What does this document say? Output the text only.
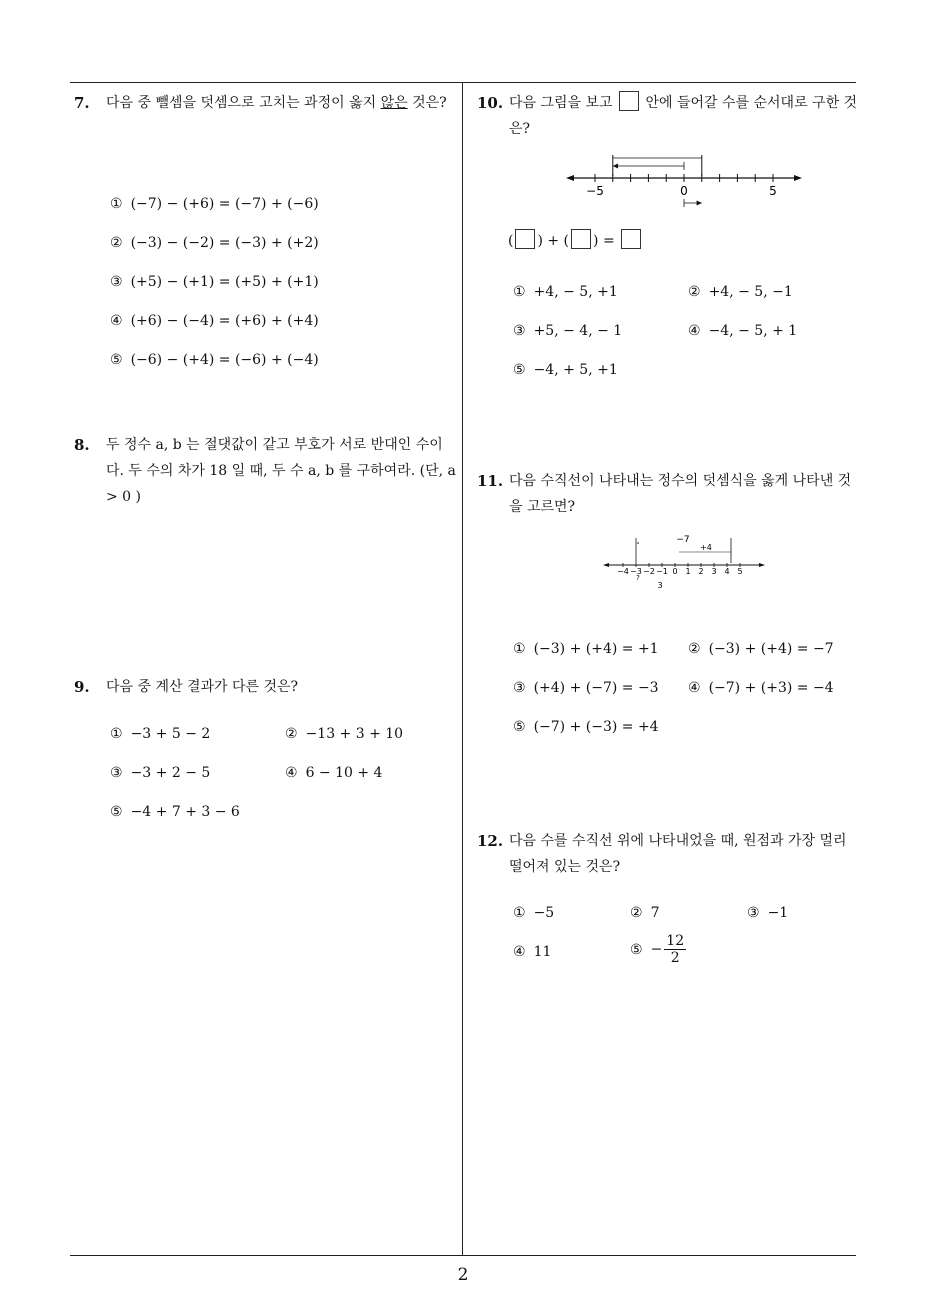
7.	다음 중 뺄셈을 덧셈으로 고치는 과정이 옳지 않은 것은?
① (−7) − (+6) = (−7) + (−6)
② (−3) − (−2) = (−3) + (+2)
③ (+5) − (+1) = (+5) + (+1)
④ (+6) − (−4) = (+6) + (+4)
⑤ (−6) − (+4) = (−6) + (−4)
8.	두 정수 a, b 는 절댓값이 같고 부호가 서로 반대인 수이다. 두 수의 차가 18 일 때, 두 수 a, b 를 구하여라. (단, a > 0 )
9.	다음 중 계산 결과가 다른 것은?
① −3 + 5 − 2	② −13 + 3 + 10
③ −3 + 2 − 5	④ 6 − 10 + 4
⑤ −4 + 7 + 3 − 6
10. 다음 그림을 보고  안에 들어갈 수를 순서대로 구한 것은?
−5	0	5
( ) + ( ) =
① +4, − 5, +1	② +4, − 5, −1
③ +5, − 4, − 1	④ −4, − 5, + 1
⑤ −4, + 5, +1
11. 다음 수직선이 나타내는 정수의 덧셈식을 옳게 나타낸 것을 고르면?
−7
+4
−4 −3 −2 −1 0 1 2 3 4 5
?
3
① (−3) + (+4) = +1 ② (−3) + (+4) = −7
③ (+4) + (−7) = −3 ④ (−7) + (+3) = −4
⑤ (−7) + (−3) = +4
12. 다음 수를 수직선 위에 나타내었을 때, 원점과 가장 멀리 떨어져 있는 것은?
① −5	② 7	③ −1
④ 11	⑤ − $\frac{12}{2}$
2
